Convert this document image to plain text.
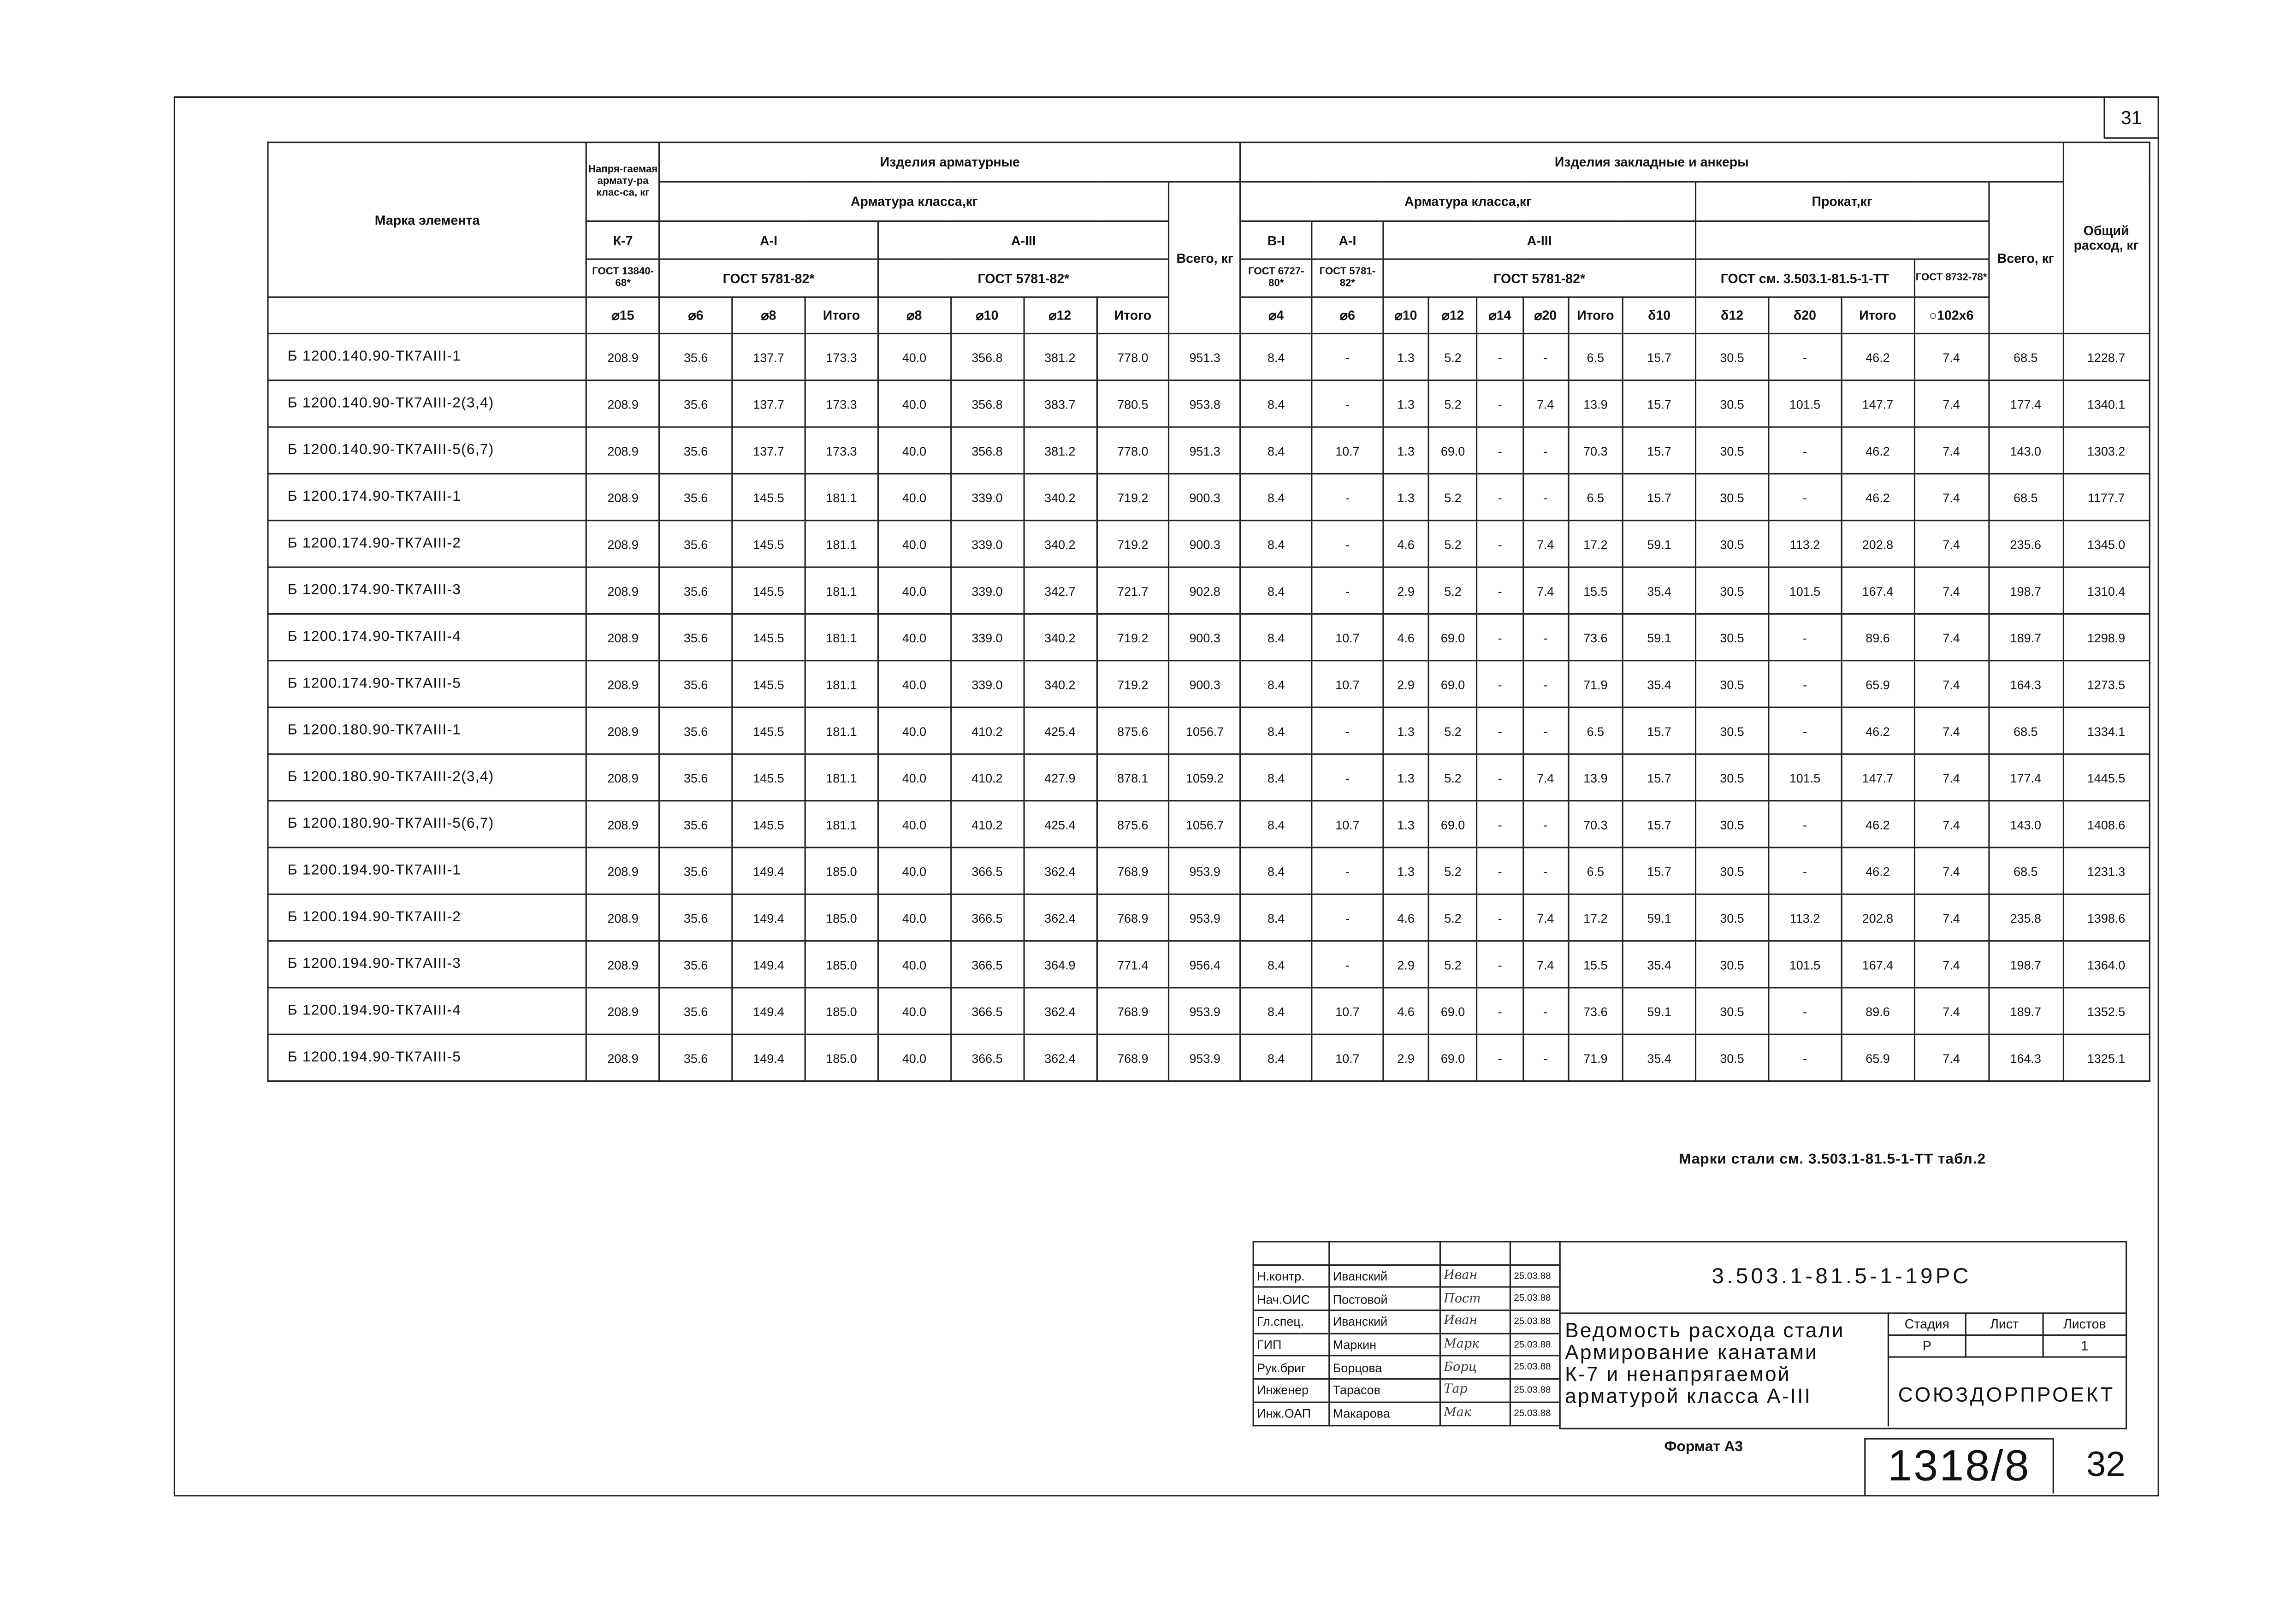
31
32
Марка элемента	Напря-гаемая армату-ра клас-са, кг	Изделия арматурные								Изделия закладные и анкеры													Общий расход, кг
		Арматура класса,кг							Всего, кг	Арматура класса,кг								Прокат,кг				Всего, кг	
	К-7	А-I			А-III					В-I	А-I	А-III											
	ГОСТ 13840-68*	ГОСТ 5781-82*			ГОСТ 5781-82*					ГОСТ 6727-80*	ГОСТ 5781-82*	ГОСТ 5781-82*						ГОСТ см. 3.503.1-81.5-1-ТТ			ГОСТ 8732-78*		
	⌀15	⌀6	⌀8	Итого	⌀8	⌀10	⌀12	Итого		⌀4	⌀6	⌀10	⌀12	⌀14	⌀20	Итого	δ10	δ12	δ20	Итого	○102х6		
Б 1200.140.90-ТК7АIII-1	208.9	35.6	137.7	173.3	40.0	356.8	381.2	778.0	951.3	8.4	-	1.3	5.2	-	-	6.5	15.7	30.5	-	46.2	7.4	68.5	1228.7
Б 1200.140.90-ТК7АIII-2(3,4)	208.9	35.6	137.7	173.3	40.0	356.8	383.7	780.5	953.8	8.4	-	1.3	5.2	-	7.4	13.9	15.7	30.5	101.5	147.7	7.4	177.4	1340.1
Б 1200.140.90-ТК7АIII-5(6,7)	208.9	35.6	137.7	173.3	40.0	356.8	381.2	778.0	951.3	8.4	10.7	1.3	69.0	-	-	70.3	15.7	30.5	-	46.2	7.4	143.0	1303.2
Б 1200.174.90-ТК7АIII-1	208.9	35.6	145.5	181.1	40.0	339.0	340.2	719.2	900.3	8.4	-	1.3	5.2	-	-	6.5	15.7	30.5	-	46.2	7.4	68.5	1177.7
Б 1200.174.90-ТК7АIII-2	208.9	35.6	145.5	181.1	40.0	339.0	340.2	719.2	900.3	8.4	-	4.6	5.2	-	7.4	17.2	59.1	30.5	113.2	202.8	7.4	235.6	1345.0
Б 1200.174.90-ТК7АIII-3	208.9	35.6	145.5	181.1	40.0	339.0	342.7	721.7	902.8	8.4	-	2.9	5.2	-	7.4	15.5	35.4	30.5	101.5	167.4	7.4	198.7	1310.4
Б 1200.174.90-ТК7АIII-4	208.9	35.6	145.5	181.1	40.0	339.0	340.2	719.2	900.3	8.4	10.7	4.6	69.0	-	-	73.6	59.1	30.5	-	89.6	7.4	189.7	1298.9
Б 1200.174.90-ТК7АIII-5	208.9	35.6	145.5	181.1	40.0	339.0	340.2	719.2	900.3	8.4	10.7	2.9	69.0	-	-	71.9	35.4	30.5	-	65.9	7.4	164.3	1273.5
Б 1200.180.90-ТК7АIII-1	208.9	35.6	145.5	181.1	40.0	410.2	425.4	875.6	1056.7	8.4	-	1.3	5.2	-	-	6.5	15.7	30.5	-	46.2	7.4	68.5	1334.1
Б 1200.180.90-ТК7АIII-2(3,4)	208.9	35.6	145.5	181.1	40.0	410.2	427.9	878.1	1059.2	8.4	-	1.3	5.2	-	7.4	13.9	15.7	30.5	101.5	147.7	7.4	177.4	1445.5
Б 1200.180.90-ТК7АIII-5(6,7)	208.9	35.6	145.5	181.1	40.0	410.2	425.4	875.6	1056.7	8.4	10.7	1.3	69.0	-	-	70.3	15.7	30.5	-	46.2	7.4	143.0	1408.6
Б 1200.194.90-ТК7АIII-1	208.9	35.6	149.4	185.0	40.0	366.5	362.4	768.9	953.9	8.4	-	1.3	5.2	-	-	6.5	15.7	30.5	-	46.2	7.4	68.5	1231.3
Б 1200.194.90-ТК7АIII-2	208.9	35.6	149.4	185.0	40.0	366.5	362.4	768.9	953.9	8.4	-	4.6	5.2	-	7.4	17.2	59.1	30.5	113.2	202.8	7.4	235.8	1398.6
Б 1200.194.90-ТК7АIII-3	208.9	35.6	149.4	185.0	40.0	366.5	364.9	771.4	956.4	8.4	-	2.9	5.2	-	7.4	15.5	35.4	30.5	101.5	167.4	7.4	198.7	1364.0
Б 1200.194.90-ТК7АIII-4	208.9	35.6	149.4	185.0	40.0	366.5	362.4	768.9	953.9	8.4	10.7	4.6	69.0	-	-	73.6	59.1	30.5	-	89.6	7.4	189.7	1352.5
Б 1200.194.90-ТК7АIII-5	208.9	35.6	149.4	185.0	40.0	366.5	362.4	768.9	953.9	8.4	10.7	2.9	69.0	-	-	71.9	35.4	30.5	-	65.9	7.4	164.3	1325.1
Марки стали см. 3.503.1-81.5-1-ТТ табл.2

Н.контр.	Иванский	Иван	25.03.88
Нач.ОИС	Постовой	Пост	25.03.88
Гл.спец.	Иванский	Иван	25.03.88
ГИП	Маркин	Марк	25.03.88
Рук.бриг	Борцова	Борц	25.03.88
Инженер	Тарасов	Тар	25.03.88
Инж.ОАП	Макарова	Мак	25.03.88
3.503.1-81.5-1-19РС
Ведомость расхода стали
Армирование канатами
К-7 и ненапрягаемой
арматурой класса А-III
Стадия	Лист	Листов
Р		1
СОЮЗДОРПРОЕКТ
Формат А3	1318/8
